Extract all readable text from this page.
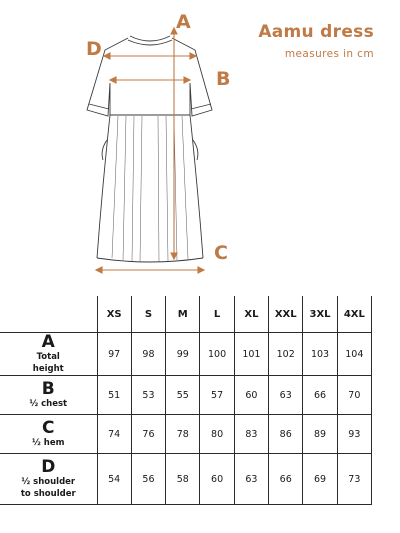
Aamu dress
measures in cm
A
B
C
D
	XS	S	M	L	XL	XXL	3XL	4XL

A
Total
height	97	98	99	100	101	102	103	104

B
½ chest	51	53	55	57	60	63	66	70

C
½ hem	74	76	78	80	83	86	89	93

D
½ shoulder
to shoulder	54	56	58	60	63	66	69	73
